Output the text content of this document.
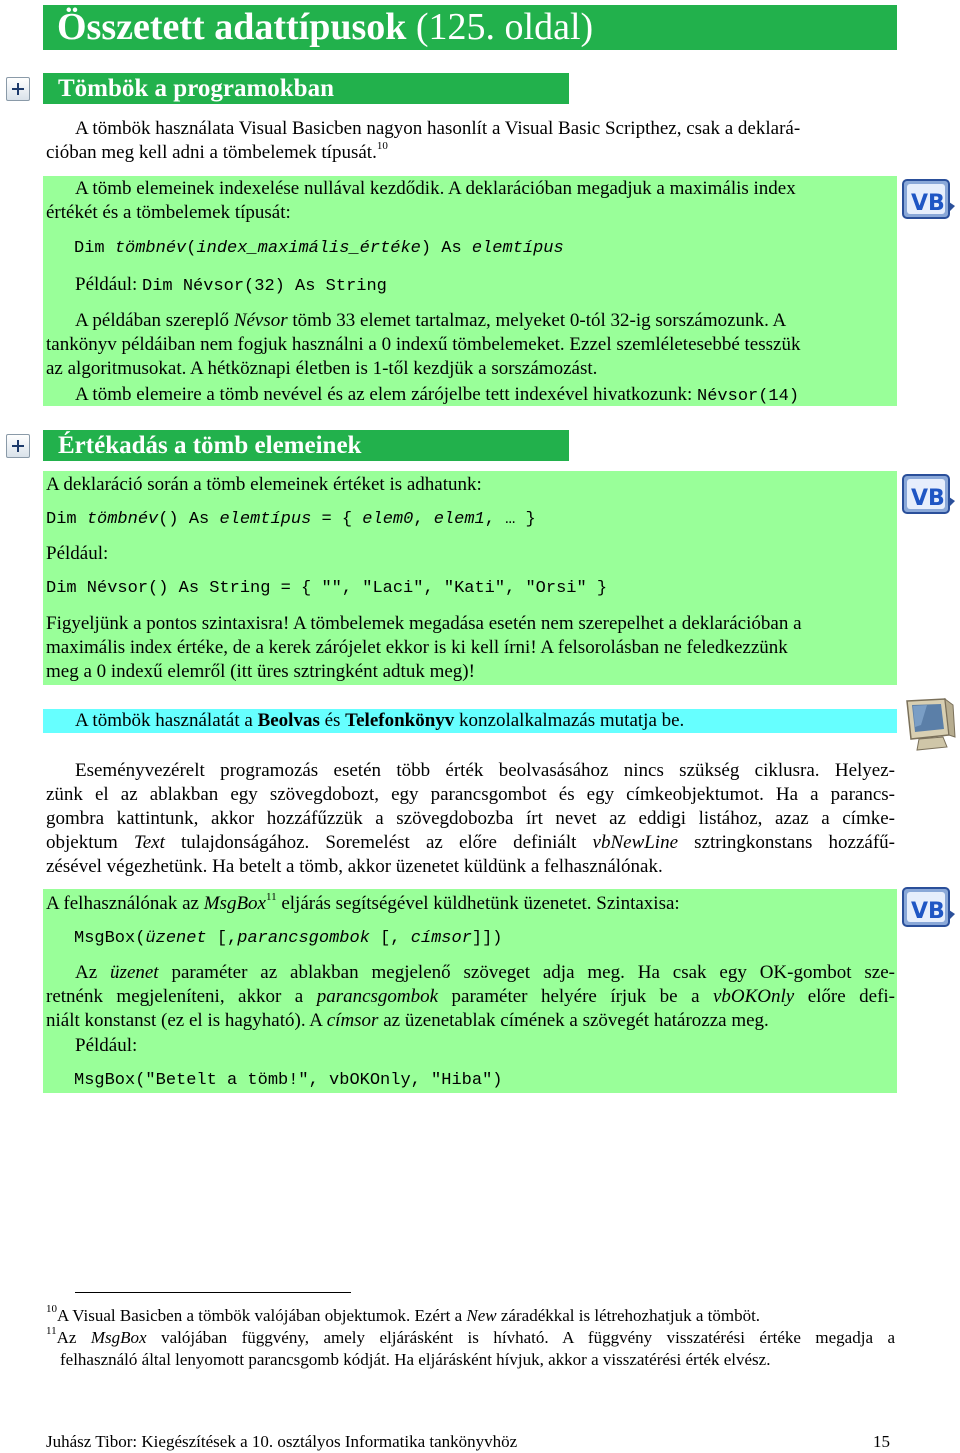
Összetett adattípusok (125. oldal)
Tömbök a programokban
A tömbök használata Visual Basicben nagyon hasonlít a Visual Basic Scripthez, csak a deklará-
cióban meg kell adni a tömbelemek típusát.$^{10}$
A tömb elemeinek indexelése nullával kezdődik. A deklarációban megadjuk a maximális index
értékét és a tömbelemek típusát:
Dim tömbnév(index_maximális_értéke) As elemtípus
Például: Dim Névsor(32) As String
A példában szereplő Névsor tömb 33 elemet tartalmaz, melyeket 0-tól 32-ig sorszámozunk. A
tankönyv példáiban nem fogjuk használni a 0 indexű tömbelemeket. Ezzel szemléletesebbé tesszük
az algoritmusokat. A hétköznapi életben is 1-től kezdjük a sorszámozást.
A tömb elemeire a tömb nevével és az elem zárójelbe tett indexével hivatkozunk: Névsor(14)
VB
Értékadás a tömb elemeinek
A deklaráció során a tömb elemeinek értéket is adhatunk:
Dim tömbnév() As elemtípus = { elem0, elem1, … }
Például:
Dim Névsor() As String = { "", "Laci", "Kati", "Orsi" }
Figyeljünk a pontos szintaxisra! A tömbelemek megadása esetén nem szerepelhet a deklarációban a
maximális index értéke, de a kerek zárójelet ekkor is ki kell írni! A felsorolásban ne feledkezzünk
meg a 0 indexű elemről (itt üres sztringként adtuk meg)!
VB
A tömbök használatát a Beolvas és Telefonkönyv konzolalkalmazás mutatja be.
Eseményvezérelt programozás esetén több érték beolvasásához nincs szükség ciklusra. Helyez-
zünk el az ablakban egy szövegdobozt, egy parancsgombot és egy címkeobjektumot. Ha a parancs-
gombra kattintunk, akkor hozzáfűzzük a szövegdobozba írt nevet az eddigi listához, azaz a címke-
objektum Text tulajdonságához. Soremelést az előre definiált vbNewLine sztringkonstans hozzáfű-
zésével végezhetünk. Ha betelt a tömb, akkor üzenetet küldünk a felhasználónak.
A felhasználónak az MsgBox$^{11}$ eljárás segítségével küldhetünk üzenetet. Szintaxisa:
MsgBox(üzenet [,parancsgombok [, címsor]])
Az üzenet paraméter az ablakban megjelenő szöveget adja meg. Ha csak egy OK-gombot sze-
retnénk megjeleníteni, akkor a parancsgombok paraméter helyére írjuk be a vbOKOnly előre defi-
niált konstanst (ez el is hagyható). A címsor az üzenetablak címének a szövegét határozza meg.
Például:
MsgBox("Betelt a tömb!", vbOKOnly, "Hiba")
VB
$^{10}$A Visual Basicben a tömbök valójában objektumok. Ezért a New záradékkal is létrehozhatjuk a tömböt.
$^{11}$Az MsgBox valójában függvény, amely eljárásként is hívható. A függvény visszatérési értéke megadja a
felhasználó által lenyomott parancsgomb kódját. Ha eljárásként hívjuk, akkor a visszatérési érték elvész.
Juhász Tibor: Kiegészítések a 10. osztályos Informatika tankönyvhöz	15
